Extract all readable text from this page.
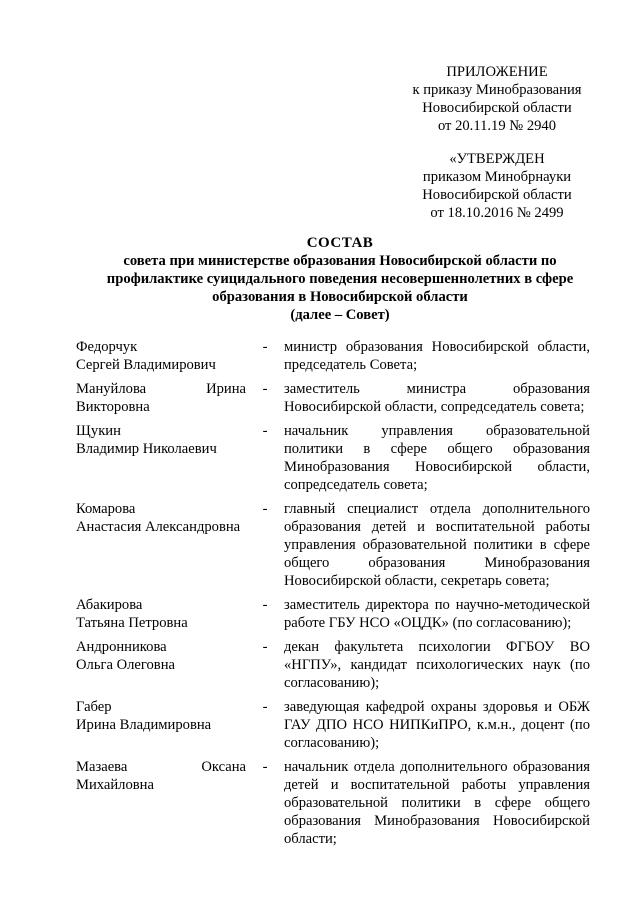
ПРИЛОЖЕНИЕ
к приказу Минобразования
Новосибирской области
от 20.11.19 № 2940
«УТВЕРЖДЕН
приказом Минобрнауки
Новосибирской области
от 18.10.2016 № 2499
СОСТАВ
совета при министерстве образования Новосибирской области по
профилактике суицидального поведения несовершеннолетних в сфере
образования в Новосибирской области
(далее – Совет)
Федорчук
Сергей Владимирович
-	министр образования Новосибирской области, председатель Совета;
Мануйлова	Ирина
Викторовна
-	заместитель министра образования Новосибирской области, сопредседатель совета;
Щукин
Владимир Николаевич
-	начальник управления образовательной политики в сфере общего образования Минобразования Новосибирской области, сопредседатель совета;
Комарова
Анастасия Александровна
-	главный специалист отдела дополнительного образования детей и воспитательной работы управления образовательной политики в сфере общего образования Минобразования Новосибирской области, секретарь совета;
Абакирова
Татьяна Петровна
-	заместитель директора по научно-методической работе ГБУ НСО «ОЦДК» (по согласованию);
Андронникова
Ольга Олеговна
-	декан факультета психологии ФГБОУ ВО «НГПУ», кандидат психологических наук (по согласованию);
Габер
Ирина Владимировна
-	заведующая кафедрой охраны здоровья и ОБЖ ГАУ ДПО НСО НИПКиПРО, к.м.н., доцент (по согласованию);
Мазаева	Оксана
Михайловна
-	начальник отдела дополнительного образования детей и воспитательной работы управления образовательной политики в сфере общего образования Минобразования Новосибирской области;
